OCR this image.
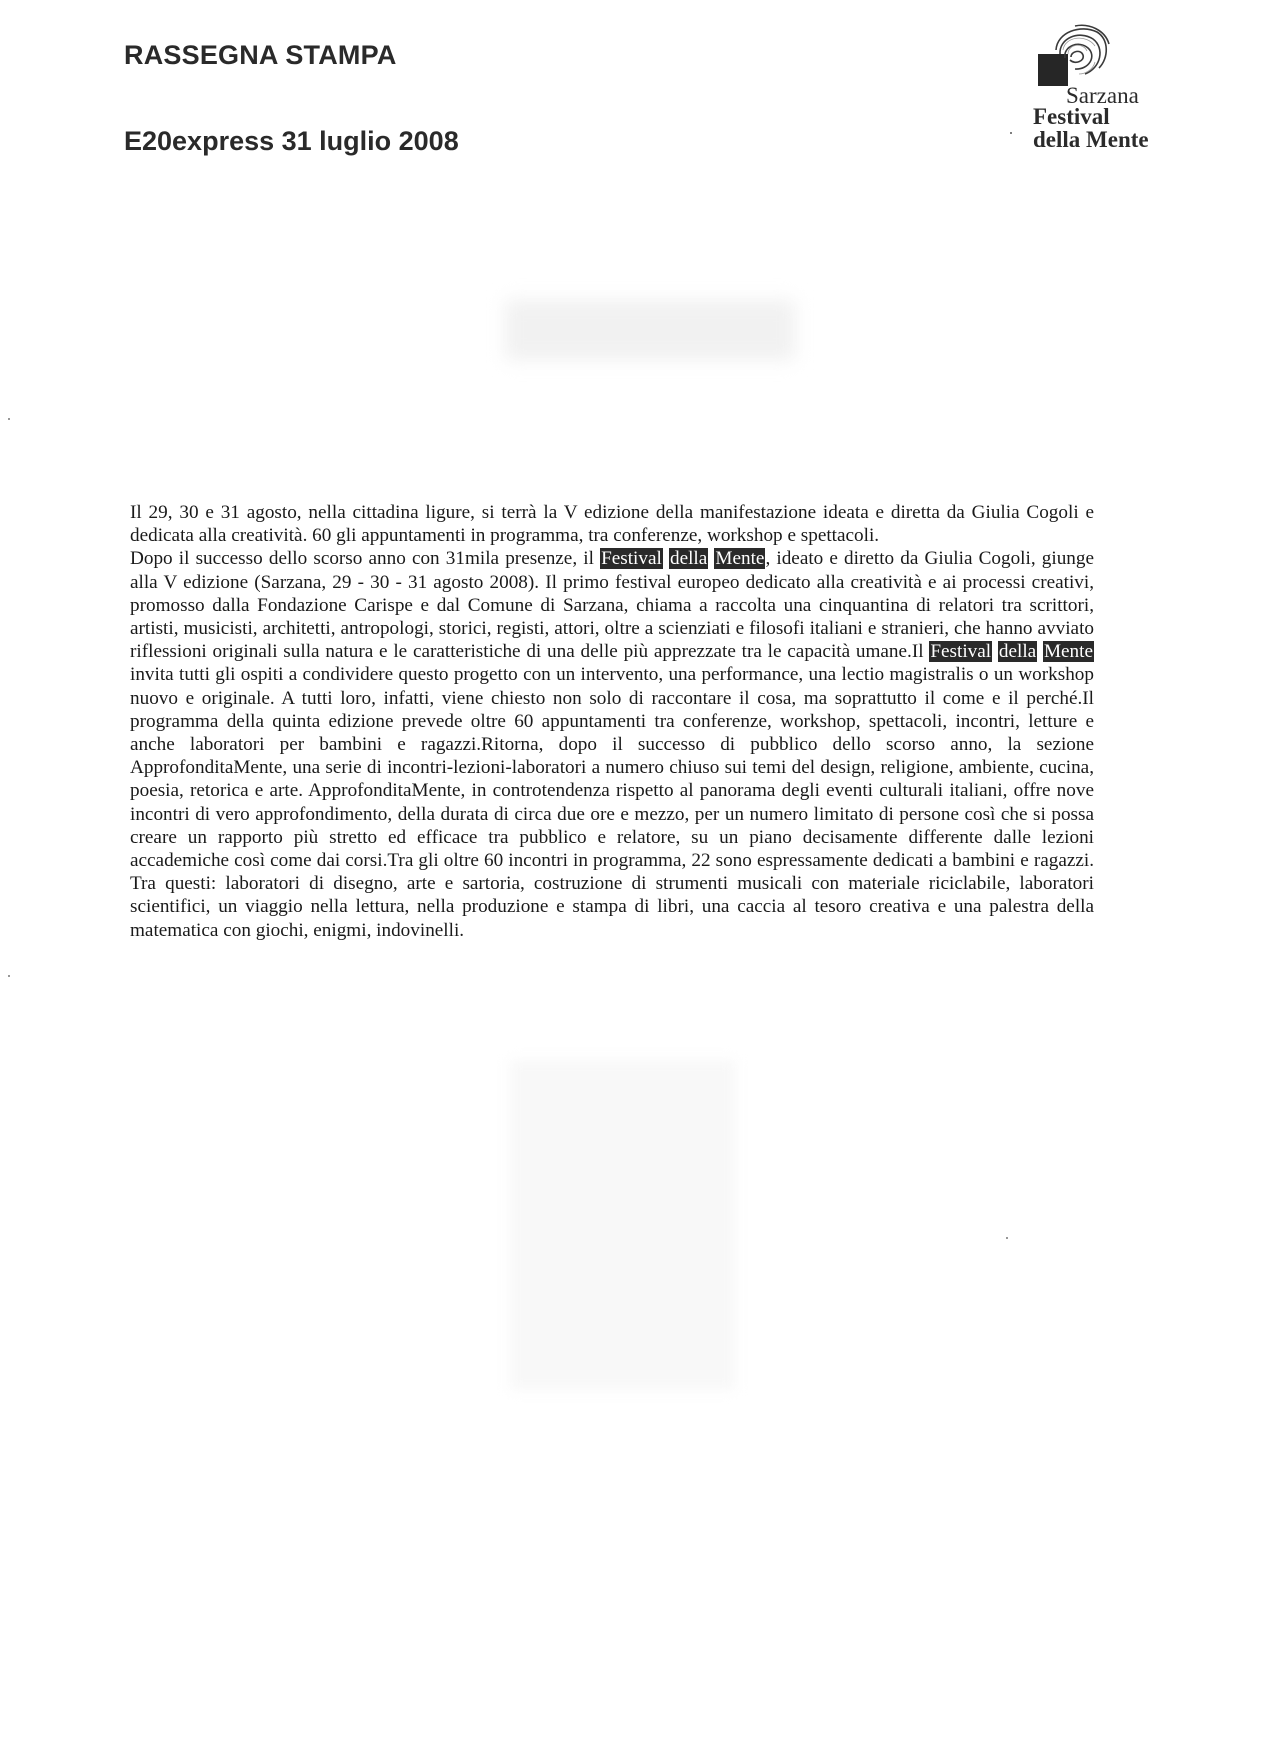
RASSEGNA STAMPA
E20express 31 luglio 2008
Sarzana
Festival
della Mente

Il 29, 30 e 31 agosto, nella cittadina ligure, si terrà la V edizione della manifestazione ideata e diretta da Giulia Cogoli e dedicata alla creatività. 60 gli appuntamenti in programma, tra conferenze, workshop e spettacoli.

Dopo il successo dello scorso anno con 31mila presenze, il Festival della Mente, ideato e diretto da Giulia Cogoli, giunge alla V edizione (Sarzana, 29 - 30 - 31 agosto 2008). Il primo festival europeo dedicato alla creatività e ai processi creativi, promosso dalla Fondazione Carispe e dal Comune di Sarzana, chiama a raccolta una cinquantina di relatori tra scrittori, artisti, musicisti, architetti, antropologi, storici, registi, attori, oltre a scienziati e filosofi italiani e stranieri, che hanno avviato riflessioni originali sulla natura e le caratteristiche di una delle più apprezzate tra le capacità umane.Il Festival della Mente invita tutti gli ospiti a condividere questo progetto con un intervento, una performance, una lectio magistralis o un workshop nuovo e originale. A tutti loro, infatti, viene chiesto non solo di raccontare il cosa, ma soprattutto il come e il perché.Il programma della quinta edizione prevede oltre 60 appuntamenti tra conferenze, workshop, spettacoli, incontri, letture e anche laboratori per bambini e ragazzi.Ritorna, dopo il successo di pubblico dello scorso anno, la sezione ApprofonditaMente, una serie di incontri-lezioni-laboratori a numero chiuso sui temi del design, religione, ambiente, cucina, poesia, retorica e arte. ApprofonditaMente, in controtendenza rispetto al panorama degli eventi culturali italiani, offre nove incontri di vero approfondimento, della durata di circa due ore e mezzo, per un numero limitato di persone così che si possa creare un rapporto più stretto ed efficace tra pubblico e relatore, su un piano decisamente differente dalle lezioni accademiche così come dai corsi.Tra gli oltre 60 incontri in programma, 22 sono espressamente dedicati a bambini e ragazzi. Tra questi: laboratori di disegno, arte e sartoria, costruzione di strumenti musicali con materiale riciclabile, laboratori scientifici, un viaggio nella lettura, nella produzione e stampa di libri, una caccia al tesoro creativa e una palestra della matematica con giochi, enigmi, indovinelli.
